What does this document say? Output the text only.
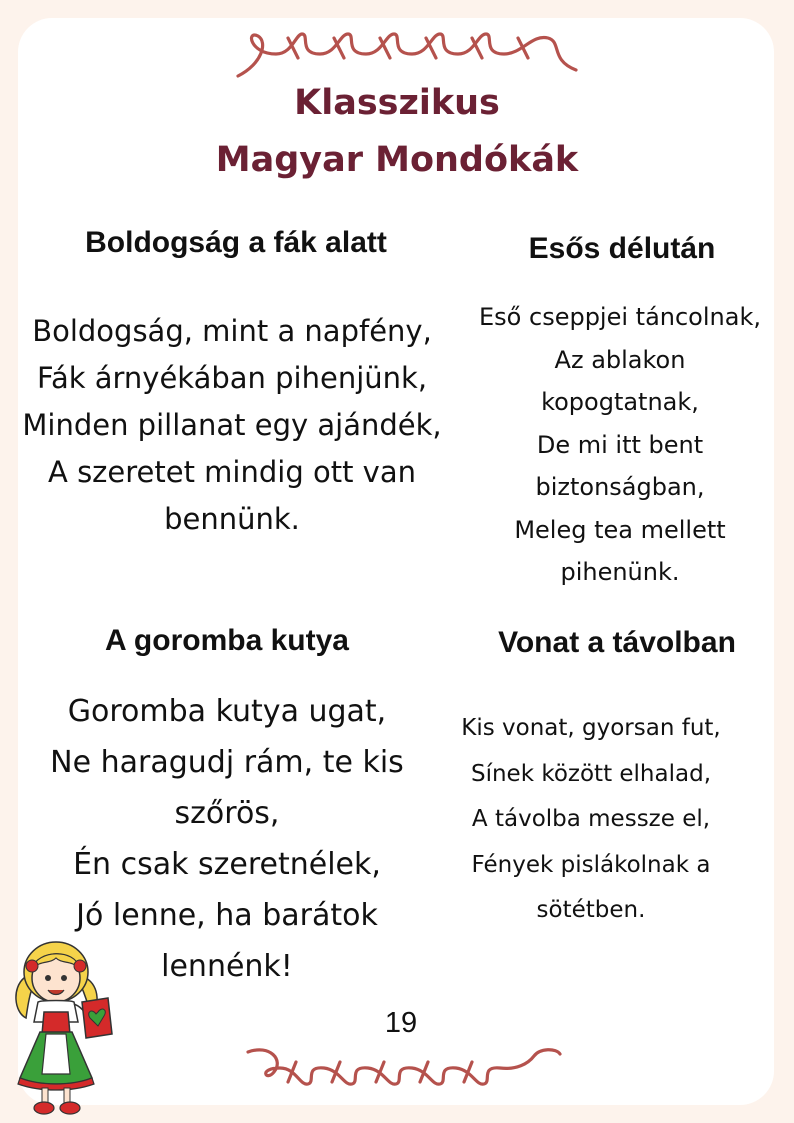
Klasszikus
Magyar Mondókák
Boldogság a fák alatt
Boldogság, mint a napfény,
Fák árnyékában pihenjünk,
Minden pillanat egy ajándék,
A szeretet mindig ott van
bennünk.
Esős délután
Eső cseppjei táncolnak,
Az ablakon
kopogtatnak,
De mi itt bent
biztonságban,
Meleg tea mellett
pihenünk.
A goromba kutya
Goromba kutya ugat,
Ne haragudj rám, te kis
szőrös,
Én csak szeretnélek,
Jó lenne, ha barátok
lennénk!
Vonat a távolban
Kis vonat, gyorsan fut,
Sínek között elhalad,
A távolba messze el,
Fények pislákolnak a
sötétben.
19
